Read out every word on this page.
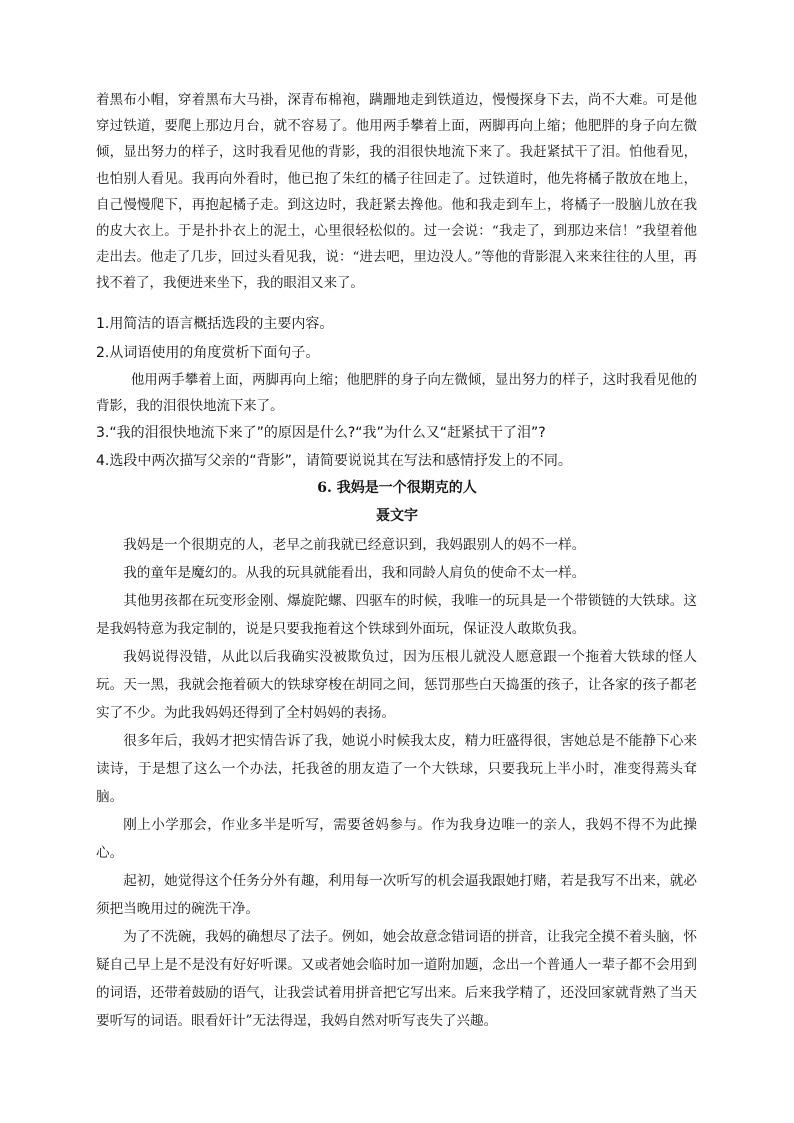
着黑布小帽，穿着黑布大马褂，深青布棉袍，蹒跚地走到铁道边，慢慢探身下去，尚不大难。可是他穿过铁道，要爬上那边月台，就不容易了。他用两手攀着上面，两脚再向上缩；他肥胖的身子向左微倾，显出努力的样子，这时我看见他的背影，我的泪很快地流下来了。我赶紧拭干了泪。怕他看见，也怕别人看见。我再向外看时，他已抱了朱红的橘子往回走了。过铁道时，他先将橘子散放在地上，自己慢慢爬下，再抱起橘子走。到这边时，我赶紧去搀他。他和我走到车上，将橘子一股脑儿放在我的皮大衣上。于是扑扑衣上的泥土，心里很轻松似的。过一会说：“我走了，到那边来信！”我望着他走出去。他走了几步，回过头看见我，说：“进去吧，里边没人。”等他的背影混入来来往往的人里，再找不着了，我便进来坐下，我的眼泪又来了。

1.用简洁的语言概括选段的主要内容。

2.从词语使用的角度赏析下面句子。

他用两手攀着上面，两脚再向上缩；他肥胖的身子向左微倾，显出努力的样子，这时我看见他的背影，我的泪很快地流下来了。

3.“我的泪很快地流下来了”的原因是什么?“我”为什么又“赶紧拭干了泪”?

4.选段中两次描写父亲的“背影”，请简要说说其在写法和感情抒发上的不同。

6. 我妈是一个很期克的人

聂文宇

我妈是一个很期克的人，老早之前我就已经意识到，我妈跟别人的妈不一样。

我的童年是魔幻的。从我的玩具就能看出，我和同龄人肩负的使命不太一样。

其他男孩都在玩变形金刚、爆旋陀螺、四驱车的时候，我唯一的玩具是一个带锁链的大铁球。这是我妈特意为我定制的，说是只要我拖着这个铁球到外面玩，保证没人敢欺负我。

我妈说得没错，从此以后我确实没被欺负过，因为压根儿就没人愿意跟一个拖着大铁球的怪人玩。天一黑，我就会拖着硕大的铁球穿梭在胡同之间，惩罚那些白天捣蛋的孩子，让各家的孩子都老实了不少。为此我妈妈还得到了全村妈妈的表扬。

很多年后，我妈才把实情告诉了我，她说小时候我太皮，精力旺盛得很，害她总是不能静下心来读诗，于是想了这么一个办法，托我爸的朋友造了一个大铁球，只要我玩上半小时，准变得蔫头耷脑。

刚上小学那会，作业多半是听写，需要爸妈参与。作为我身边唯一的亲人，我妈不得不为此操心。

起初，她觉得这个任务分外有趣，利用每一次听写的机会逼我跟她打赌，若是我写不出来，就必须把当晚用过的碗洗干净。

为了不洗碗，我妈的确想尽了法子。例如，她会故意念错词语的拼音，让我完全摸不着头脑，怀疑自己早上是不是没有好好听课。又或者她会临时加一道附加题，念出一个普通人一辈子都不会用到的词语，还带着鼓励的语气，让我尝试着用拼音把它写出来。后来我学精了，还没回家就背熟了当天要听写的词语。眼看奸计”无法得逞，我妈自然对听写丧失了兴趣。
